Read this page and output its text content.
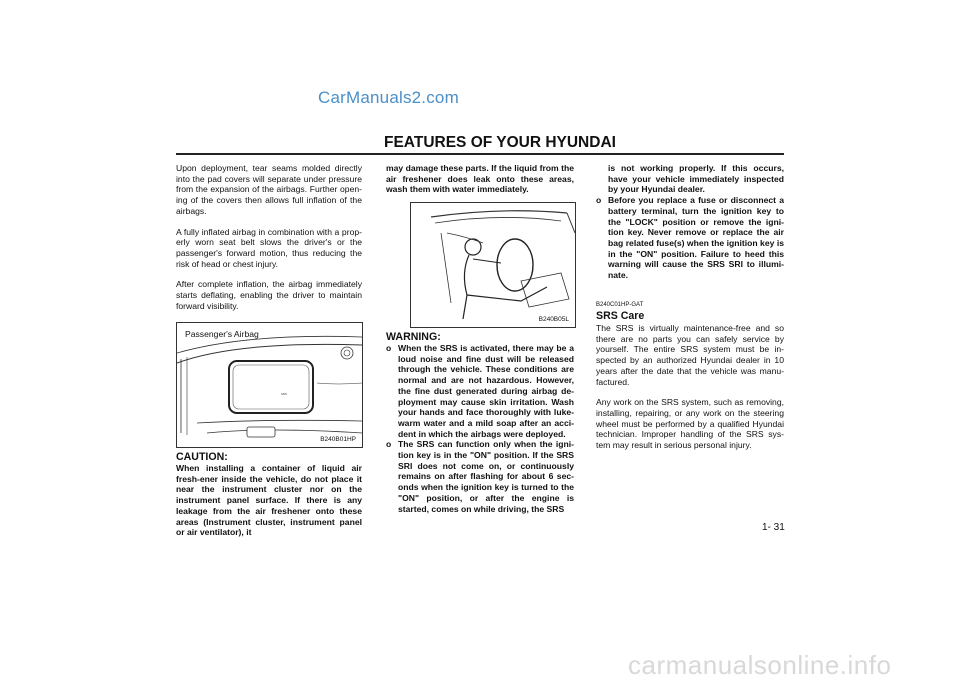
CarManuals2.com
FEATURES OF YOUR HYUNDAI

Upon deployment, tear seams molded directly into the pad covers will separate under pressure from the expansion of the airbags. Further open-ing of the covers then allows full inflation of the airbags.

A fully inflated airbag in combination with a prop-erly worn seat belt slows the driver's or the passenger's forward motion, thus reducing the risk of head or chest injury.

After complete inflation, the airbag immediately starts deflating, enabling the driver to maintain forward visibility.

Passenger's Airbag
SRS
B240B01HP
CAUTION:

When installing a container of liquid air fresh-ener inside the vehicle, do not place it near the instrument cluster nor on the instrument panel surface. If there is any leakage from the air freshener onto these areas (Instrument cluster, instrument panel or air ventilator), it

may damage these parts. If the liquid from the air freshener does leak onto these areas, wash them with water immediately.

B240B05L
WARNING:
o When the SRS is activated, there may be a loud noise and fine dust will be released through the vehicle. These conditions are normal and are not hazardous. However, the fine dust generated during airbag de-ployment may cause skin irritation. Wash your hands and face thoroughly with luke-warm water and a mild soap after an acci-dent in which the airbags were deployed.
o The SRS can function only when the igni-tion key is in the "ON" position. If the SRS SRI does not come on, or continuously remains on after flashing for about 6 sec-onds when the ignition key is turned to the "ON" position, or after the engine is started, comes on while driving, the SRS
is not working properly. If this occurs, have your vehicle immediately inspected by your Hyundai dealer.
o Before you replace a fuse or disconnect a battery terminal, turn the ignition key to the "LOCK" position or remove the igni-tion key. Never remove or replace the air bag related fuse(s) when the ignition key is in the "ON" position. Failure to heed this warning will cause the SRS SRI to illumi-nate.
B240C01HP-GAT
SRS Care

The SRS is virtually maintenance-free and so there are no parts you can safely service by yourself. The entire SRS system must be in-spected by an authorized Hyundai dealer in 10 years after the date that the vehicle was manu-factured.

Any work on the SRS system, such as removing, installing, repairing, or any work on the steering wheel must be performed by a qualified Hyundai technician. Improper handling of the SRS sys-tem may result in serious personal injury.

1- 31
carmanualsonline.info
